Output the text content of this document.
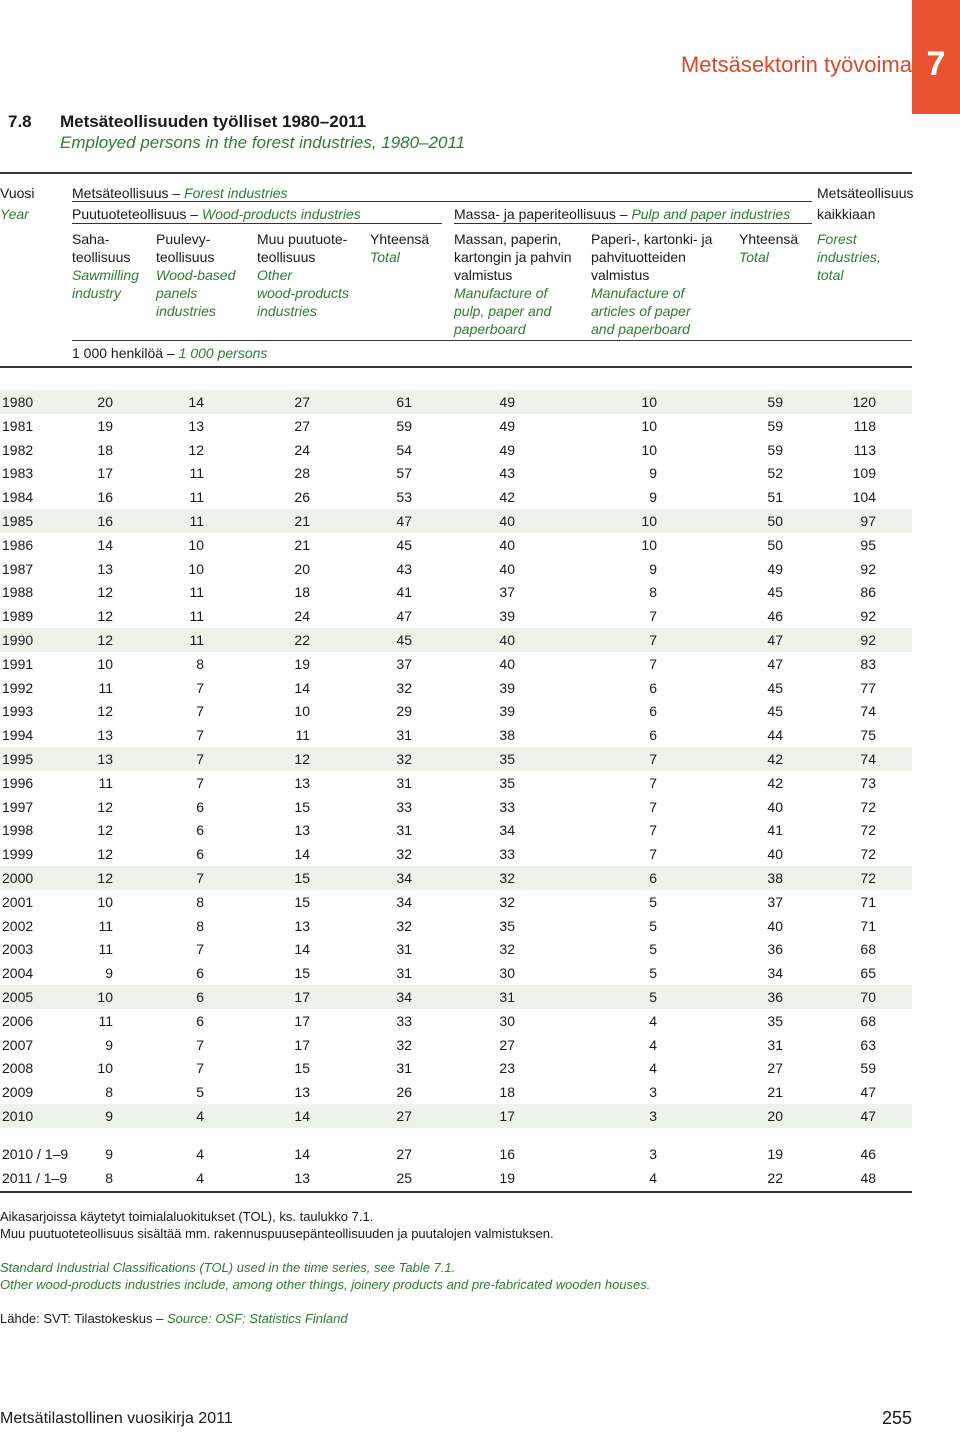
Metsäsektorin työvoima 7
7.8 Metsäteollisuuden työlliset 1980–2011
Employed persons in the forest industries, 1980–2011
Vuosi
Year
Metsäteollisuus – Forest industries	Metsäteollisuus
kaikkiaan
Puutuoteteollisuus – Wood-products industries	Massa- ja paperiteollisuus – Pulp and paper industries
Saha-
teollisuus
Sawmilling
industry
Puulevy-
teollisuus
Wood-based
panels
industries
Muu puutuote-
teollisuus
Other
wood-products
industries
Yhteensä
Total
Massan, paperin,
kartongin ja pahvin
valmistus
Manufacture of
pulp, paper and
paperboard
Paperi-, kartonki- ja
pahvituotteiden
valmistus
Manufacture of
articles of paper
and paperboard
Yhteensä
Total
Forest
industries,
total
1 000 henkilöä – 1 000 persons
1980	20	14	27	61	49	10	59	120
1981	19	13	27	59	49	10	59	118
1982	18	12	24	54	49	10	59	113
1983	17	11	28	57	43	9	52	109
1984	16	11	26	53	42	9	51	104
1985	16	11	21	47	40	10	50	97
1986	14	10	21	45	40	10	50	95
1987	13	10	20	43	40	9	49	92
1988	12	11	18	41	37	8	45	86
1989	12	11	24	47	39	7	46	92
1990	12	11	22	45	40	7	47	92
1991	10	8	19	37	40	7	47	83
1992	11	7	14	32	39	6	45	77
1993	12	7	10	29	39	6	45	74
1994	13	7	11	31	38	6	44	75
1995	13	7	12	32	35	7	42	74
1996	11	7	13	31	35	7	42	73
1997	12	6	15	33	33	7	40	72
1998	12	6	13	31	34	7	41	72
1999	12	6	14	32	33	7	40	72
2000	12	7	15	34	32	6	38	72
2001	10	8	15	34	32	5	37	71
2002	11	8	13	32	35	5	40	71
2003	11	7	14	31	32	5	36	68
2004	9	6	15	31	30	5	34	65
2005	10	6	17	34	31	5	36	70
2006	11	6	17	33	30	4	35	68
2007	9	7	17	32	27	4	31	63
2008	10	7	15	31	23	4	27	59
2009	8	5	13	26	18	3	21	47
2010	9	4	14	27	17	3	20	47
2010 / 1–9	9	4	14	27	16	3	19	46
2011 / 1–9	8	4	13	25	19	4	22	48
Aikasarjoissa käytetyt toimialaluokitukset (TOL), ks. taulukko 7.1.
Muu puutuoteteollisuus sisältää mm. rakennuspuusepänteollisuuden ja puutalojen valmistuksen.
Standard Industrial Classifications (TOL) used in the time series, see Table 7.1.
Other wood-products industries include, among other things, joinery products and pre-fabricated wooden houses.
Lähde: SVT: Tilastokeskus – Source: OSF: Statistics Finland
Metsätilastollinen vuosikirja 2011	255
